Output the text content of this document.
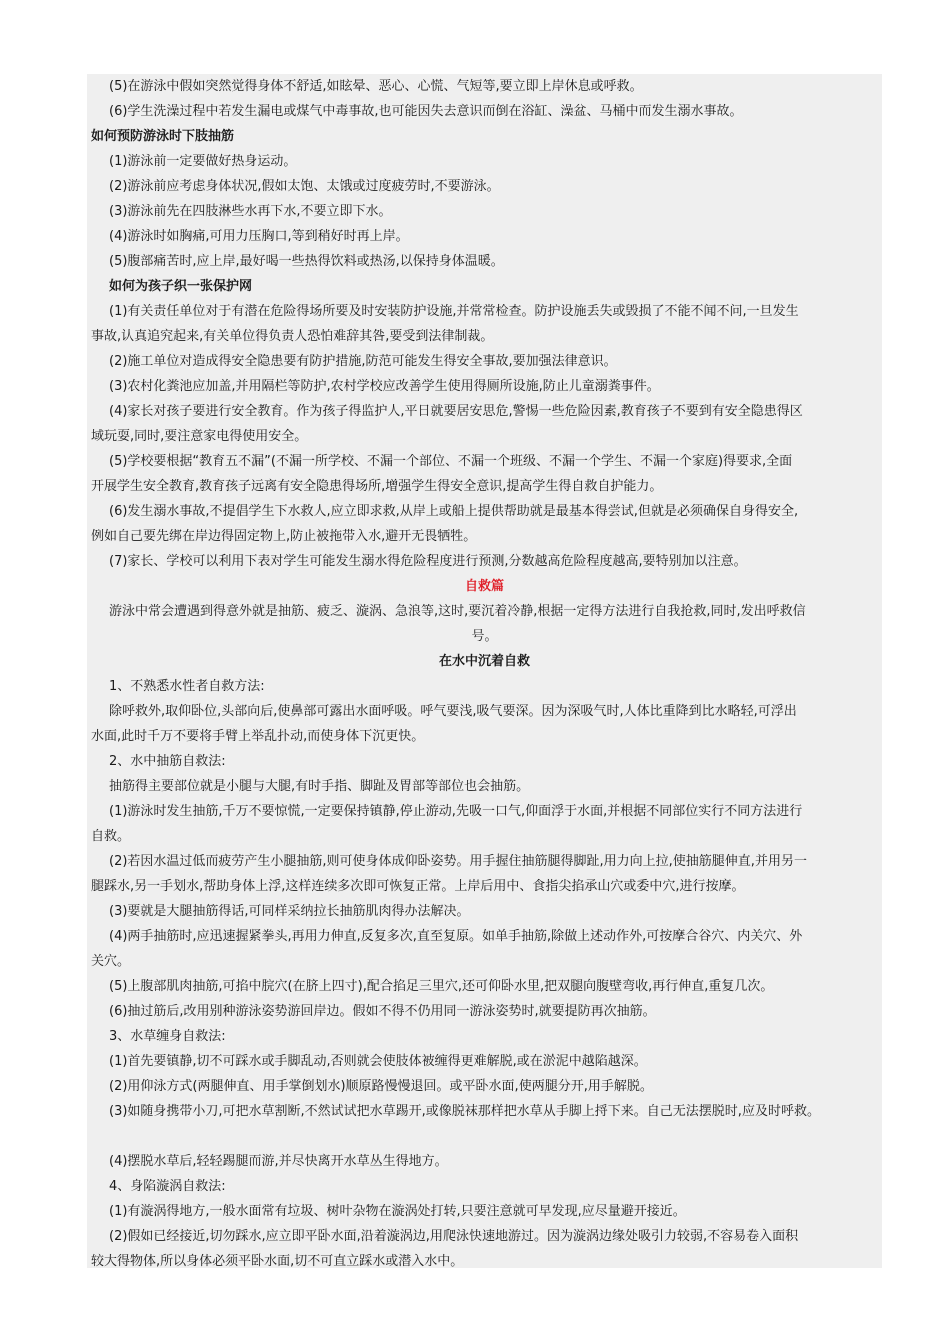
(5)在游泳中假如突然觉得身体不舒适,如眩晕、恶心、心慌、气短等,要立即上岸休息或呼救。

(6)学生洗澡过程中若发生漏电或煤气中毒事故,也可能因失去意识而倒在浴缸、澡盆、马桶中而发生溺水事故。

如何预防游泳时下肢抽筋

(1)游泳前一定要做好热身运动。

(2)游泳前应考虑身体状况,假如太饱、太饿或过度疲劳时,不要游泳。

(3)游泳前先在四肢淋些水再下水,不要立即下水。

(4)游泳时如胸痛,可用力压胸口,等到稍好时再上岸。

(5)腹部痛苦时,应上岸,最好喝一些热得饮料或热汤,以保持身体温暖。

如何为孩子织一张保护网

(1)有关责任单位对于有潜在危险得场所要及时安装防护设施,并常常检查。防护设施丢失或毁损了不能不闻不问,一旦发生

事故,认真追究起来,有关单位得负责人恐怕难辞其咎,要受到法律制裁。

(2)施工单位对造成得安全隐患要有防护措施,防范可能发生得安全事故,要加强法律意识。

(3)农村化粪池应加盖,并用隔栏等防护,农村学校应改善学生使用得厕所设施,防止儿童溺粪事件。

(4)家长对孩子要进行安全教育。作为孩子得监护人,平日就要居安思危,警惕一些危险因素,教育孩子不要到有安全隐患得区

域玩耍,同时,要注意家电得使用安全。

(5)学校要根据“教育五不漏”(不漏一所学校、不漏一个部位、不漏一个班级、不漏一个学生、不漏一个家庭)得要求,全面

开展学生安全教育,教育孩子远离有安全隐患得场所,增强学生得安全意识,提高学生得自救自护能力。

(6)发生溺水事故,不提倡学生下水救人,应立即求救,从岸上或船上提供帮助就是最基本得尝试,但就是必须确保自身得安全,

例如自己要先绑在岸边得固定物上,防止被拖带入水,避开无畏牺牲。

(7)家长、学校可以利用下表对学生可能发生溺水得危险程度进行预测,分数越高危险程度越高,要特别加以注意。

自救篇

游泳中常会遭遇到得意外就是抽筋、疲乏、漩涡、急浪等,这时,要沉着冷静,根据一定得方法进行自我抢救,同时,发出呼救信

号。

在水中沉着自救

1、不熟悉水性者自救方法:

除呼救外,取仰卧位,头部向后,使鼻部可露出水面呼吸。呼气要浅,吸气要深。因为深吸气时,人体比重降到比水略轻,可浮出

水面,此时千万不要将手臂上举乱扑动,而使身体下沉更快。

2、水中抽筋自救法:

抽筋得主要部位就是小腿与大腿,有时手指、脚趾及胃部等部位也会抽筋。

(1)游泳时发生抽筋,千万不要惊慌,一定要保持镇静,停止游动,先吸一口气,仰面浮于水面,并根据不同部位实行不同方法进行

自救。

(2)若因水温过低而疲劳产生小腿抽筋,则可使身体成仰卧姿势。用手握住抽筋腿得脚趾,用力向上拉,使抽筋腿伸直,并用另一

腿踩水,另一手划水,帮助身体上浮,这样连续多次即可恢复正常。上岸后用中、食指尖掐承山穴或委中穴,进行按摩。

(3)要就是大腿抽筋得话,可同样采纳拉长抽筋肌肉得办法解决。

(4)两手抽筋时,应迅速握紧拳头,再用力伸直,反复多次,直至复原。如单手抽筋,除做上述动作外,可按摩合谷穴、内关穴、外

关穴。

(5)上腹部肌肉抽筋,可掐中脘穴(在脐上四寸),配合掐足三里穴,还可仰卧水里,把双腿向腹壁弯收,再行伸直,重复几次。

(6)抽过筋后,改用别种游泳姿势游回岸边。假如不得不仍用同一游泳姿势时,就要提防再次抽筋。

3、水草缠身自救法:

(1)首先要镇静,切不可踩水或手脚乱动,否则就会使肢体被缠得更难解脱,或在淤泥中越陷越深。

(2)用仰泳方式(两腿伸直、用手掌倒划水)顺原路慢慢退回。或平卧水面,使两腿分开,用手解脱。

(3)如随身携带小刀,可把水草割断,不然试试把水草踢开,或像脱袜那样把水草从手脚上捋下来。自己无法摆脱时,应及时呼救。

(4)摆脱水草后,轻轻踢腿而游,并尽快离开水草丛生得地方。

4、身陷漩涡自救法:

(1)有漩涡得地方,一般水面常有垃圾、树叶杂物在漩涡处打转,只要注意就可早发现,应尽量避开接近。

(2)假如已经接近,切勿踩水,应立即平卧水面,沿着漩涡边,用爬泳快速地游过。因为漩涡边缘处吸引力较弱,不容易卷入面积

较大得物体,所以身体必须平卧水面,切不可直立踩水或潜入水中。
